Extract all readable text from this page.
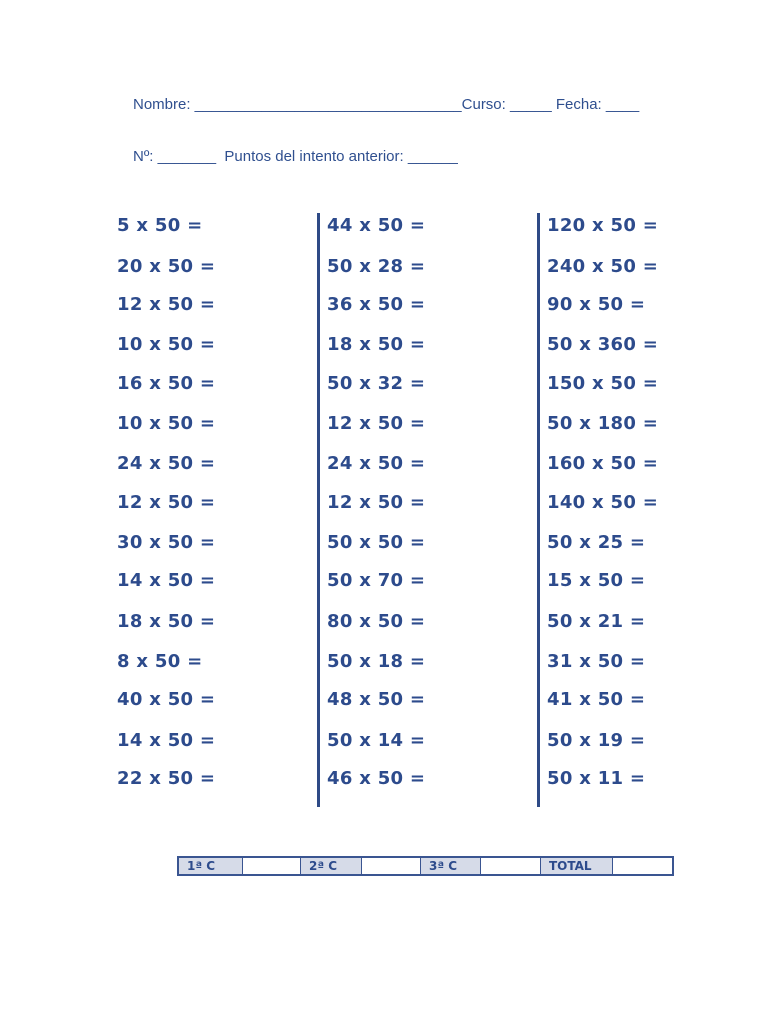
Nombre: ________________________________Curso: _____ Fecha: ____
Nº: _______  Puntos del intento anterior: ______
5 x 50 =
20 x 50 =
12 x 50 =
10 x 50 =
16 x 50 =
10 x 50 =
24 x 50 =
12 x 50 =
30 x 50 =
14 x 50 =
18 x 50 =
8 x 50 =
40 x 50 =
14 x 50 =
22 x 50 =
44 x 50 =
50 x 28 =
36 x 50 =
18 x 50 =
50 x 32 =
12 x 50 =
24 x 50 =
12 x 50 =
50 x 50 =
50 x 70 =
80 x 50 =
50 x 18 =
48 x 50 =
50 x 14 =
46 x 50 =
120 x 50 =
240 x 50 =
90 x 50 =
50 x 360 =
150 x 50 =
50 x 180 =
160 x 50 =
140 x 50 =
50 x 25 =
15 x 50 =
50 x 21 =
31 x 50 =
41 x 50 =
50 x 19 =
50 x 11 =
1ª C	2ª C	3ª C	TOTAL
